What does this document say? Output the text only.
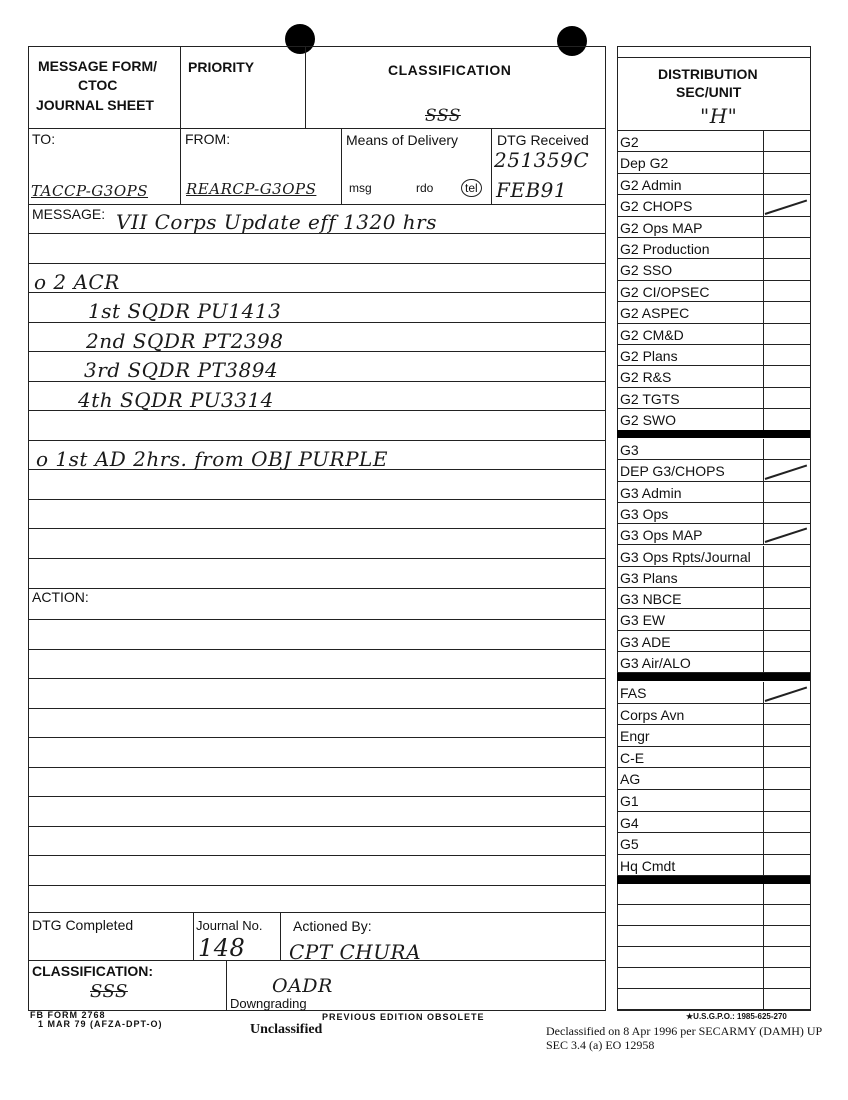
MESSAGE FORM/
CTOC
JOURNAL SHEET
PRIORITY	CLASSIFICATION
SSS
TO:
TACCP-G3OPS
FROM:
REARCP-G3OPS
Means of Delivery
msg	rdo	tel
DTG Received
251359C
FEB91
MESSAGE: VII Corps Update eff 1320 hrs
o 2 ACR
1st SQDR PU1413
2nd SQDR PT2398
3rd SQDR PT3894
4th SQDR PU3314
o 1st AD 2hrs. from OBJ PURPLE
ACTION:
DTG Completed	Journal No.
148
Actioned By:
CPT CHURA
CLASSIFICATION:
SSS	OADR
Downgrading
FB FORM 2768
1 MAR 79 (AFZA-DPT-O)
PREVIOUS EDITION OBSOLETE
Unclassified
★U.S.G.P.O.: 1985-625-270
Declassified on 8 Apr 1996 per SECARMY (DAMH) UP
SEC 3.4 (a) EO 12958
DISTRIBUTION
SEC/UNIT
"H"
G2
Dep G2
G2 Admin
G2 CHOPS
G2 Ops MAP
G2 Production
G2 SSO
G2 CI/OPSEC
G2 ASPEC
G2 CM&D
G2 Plans
G2 R&S
G2 TGTS
G2 SWO
G3
DEP G3/CHOPS
G3 Admin
G3 Ops
G3 Ops MAP
G3 Ops Rpts/Journal
G3 Plans
G3 NBCE
G3 EW
G3 ADE
G3 Air/ALO
FAS
Corps Avn
Engr
C-E
AG
G1
G4
G5
Hq Cmdt
